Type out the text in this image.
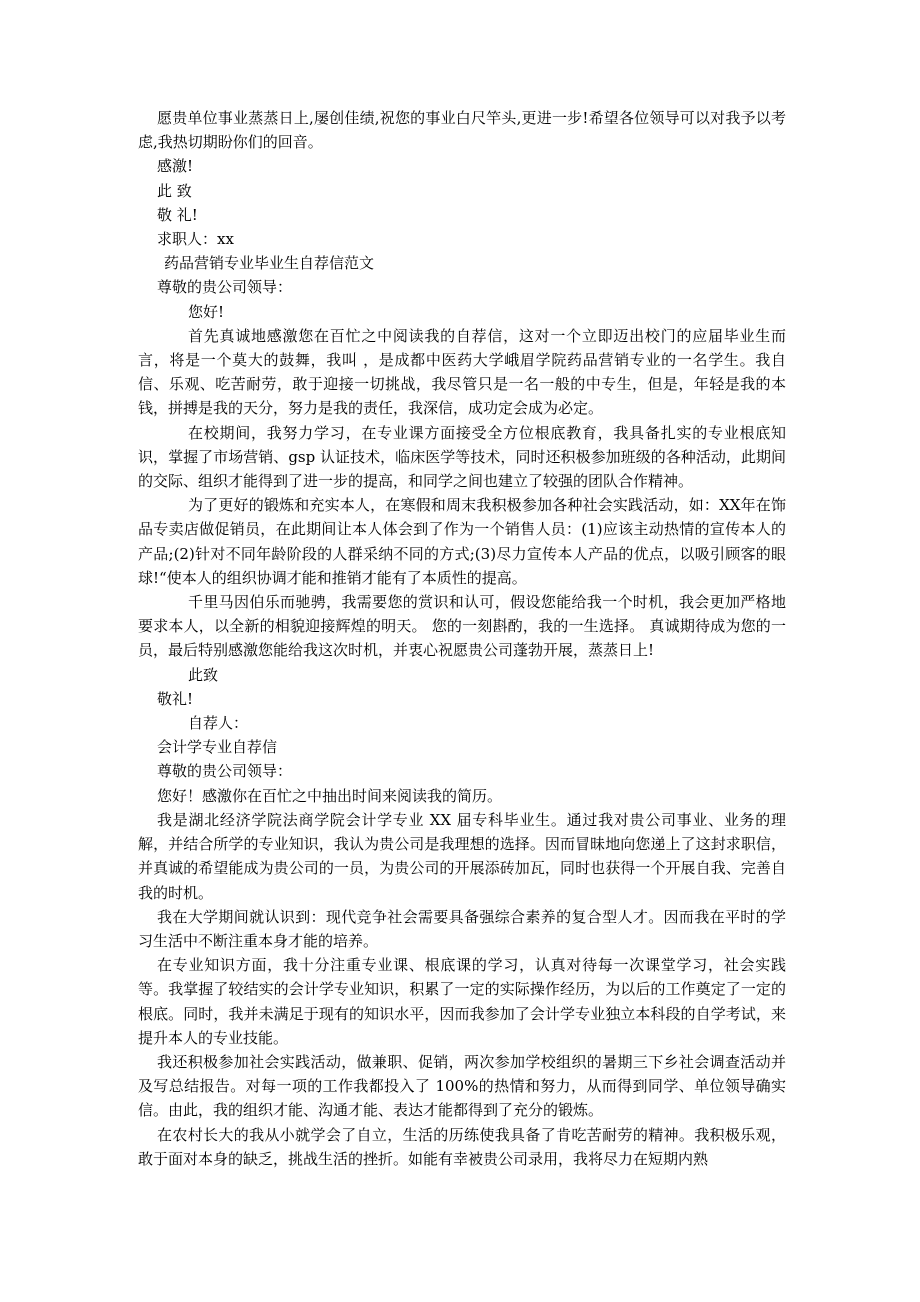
愿贵单位事业蒸蒸日上,屡创佳绩,祝您的事业白尺竿头,更进一步!希望各位领导可以对我予以考虑,我热切期盼你们的回音。

感激!
此 致
敬 礼!
求职人：xx
药品营销专业毕业生自荐信范文
尊敬的贵公司领导：
您好!

首先真诚地感激您在百忙之中阅读我的自荐信，这对一个立即迈出校门的应届毕业生而言，将是一个莫大的鼓舞，我叫 ，是成都中医药大学峨眉学院药品营销专业的一名学生。我自信、乐观、吃苦耐劳，敢于迎接一切挑战，我尽管只是一名一般的中专生，但是，年轻是我的本钱，拼搏是我的天分，努力是我的责任，我深信，成功定会成为必定。

在校期间，我努力学习，在专业课方面接受全方位根底教育，我具备扎实的专业根底知识，掌握了市场营销、gsp 认证技术，临床医学等技术，同时还积极参加班级的各种活动，此期间的交际、组织才能得到了进一步的提高，和同学之间也建立了较强的团队合作精神。

为了更好的锻炼和充实本人，在寒假和周末我积极参加各种社会实践活动，如：XX年在饰品专卖店做促销员，在此期间让本人体会到了作为一个销售人员：(1)应该主动热情的宣传本人的产品;(2)针对不同年龄阶段的人群采纳不同的方式;(3)尽力宣传本人产品的优点，以吸引顾客的眼球!“使本人的组织协调才能和推销才能有了本质性的提高。

千里马因伯乐而驰骋，我需要您的赏识和认可，假设您能给我一个时机，我会更加严格地要求本人，以全新的相貌迎接辉煌的明天。 您的一刻斟酌，我的一生选择。 真诚期待成为您的一员，最后特别感激您能给我这次时机，并衷心祝愿贵公司蓬勃开展，蒸蒸日上!

此致
敬礼!
自荐人：
会计学专业自荐信
尊敬的贵公司领导：
您好！感激你在百忙之中抽出时间来阅读我的简历。

我是湖北经济学院法商学院会计学专业 XX 届专科毕业生。通过我对贵公司事业、业务的理解，并结合所学的专业知识，我认为贵公司是我理想的选择。因而冒昧地向您递上了这封求职信，并真诚的希望能成为贵公司的一员，为贵公司的开展添砖加瓦，同时也获得一个开展自我、完善自我的时机。

我在大学期间就认识到：现代竞争社会需要具备强综合素养的复合型人才。因而我在平时的学习生活中不断注重本身才能的培养。

在专业知识方面，我十分注重专业课、根底课的学习，认真对待每一次课堂学习，社会实践等。我掌握了较结实的会计学专业知识，积累了一定的实际操作经历，为以后的工作奠定了一定的根底。同时，我并未满足于现有的知识水平，因而我参加了会计学专业独立本科段的自学考试，来提升本人的专业技能。

我还积极参加社会实践活动，做兼职、促销，两次参加学校组织的暑期三下乡社会调查活动并及写总结报告。对每一项的工作我都投入了 100%的热情和努力，从而得到同学、单位领导确实信。由此，我的组织才能、沟通才能、表达才能都得到了充分的锻炼。

在农村长大的我从小就学会了自立，生活的历练使我具备了肯吃苦耐劳的精神。我积极乐观，敢于面对本身的缺乏，挑战生活的挫折。如能有幸被贵公司录用，我将尽力在短期内熟
